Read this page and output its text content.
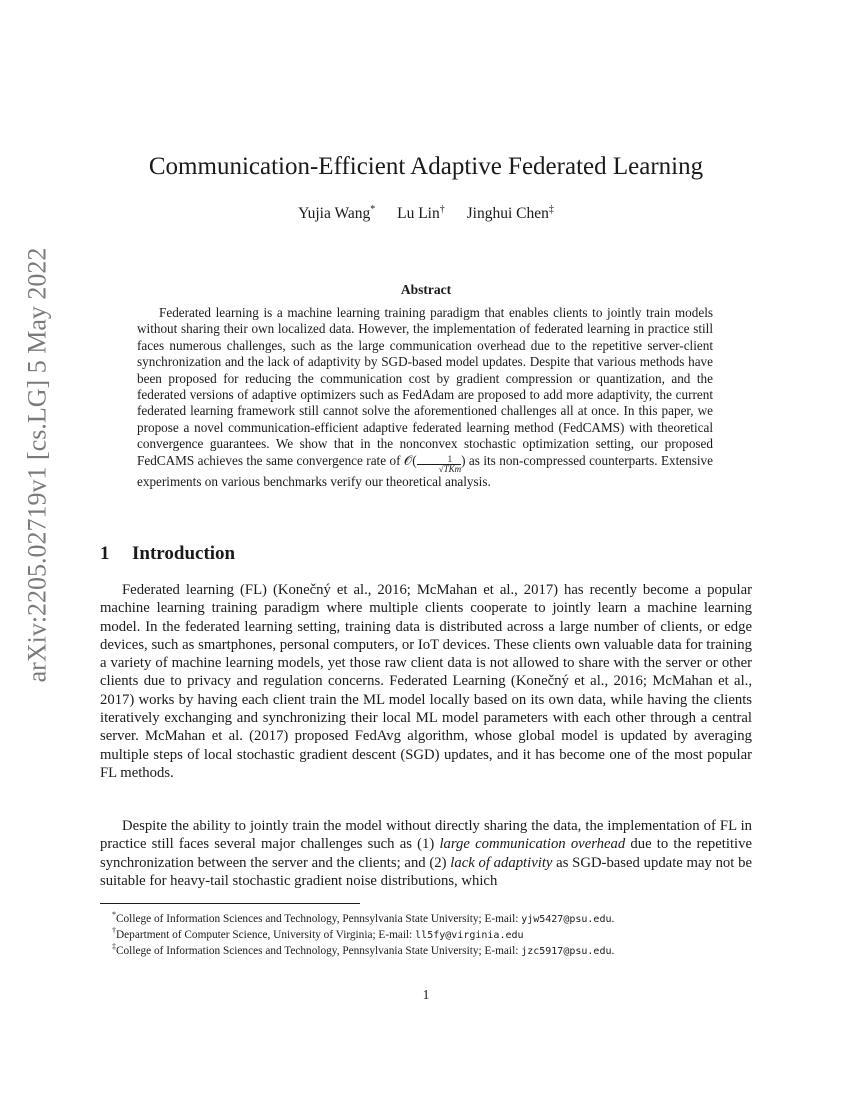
arXiv:2205.02719v1 [cs.LG] 5 May 2022
Communication-Efficient Adaptive Federated Learning
Yujia Wang* Lu Lin† Jinghui Chen‡
Abstract

Federated learning is a machine learning training paradigm that enables clients to jointly train models without sharing their own localized data. However, the implementation of federated learning in practice still faces numerous challenges, such as the large communication overhead due to the repetitive server-client synchronization and the lack of adaptivity by SGD-based model updates. Despite that various methods have been proposed for reducing the communication cost by gradient compression or quantization, and the federated versions of adaptive optimizers such as FedAdam are proposed to add more adaptivity, the current federated learning framework still cannot solve the aforementioned challenges all at once. In this paper, we propose a novel communication-efficient adaptive federated learning method (FedCAMS) with theoretical convergence guarantees. We show that in the nonconvex stochastic optimization setting, our proposed FedCAMS achieves the same convergence rate of 𝒪( $\frac{1}{\text{√TKm}}$ ) as its non-compressed counterparts. Extensive experiments on various benchmarks verify our theoretical analysis.

1 Introduction

Federated learning (FL) (Konečný et al., 2016; McMahan et al., 2017) has recently become a popular machine learning training paradigm where multiple clients cooperate to jointly learn a machine learning model. In the federated learning setting, training data is distributed across a large number of clients, or edge devices, such as smartphones, personal computers, or IoT devices. These clients own valuable data for training a variety of machine learning models, yet those raw client data is not allowed to share with the server or other clients due to privacy and regulation concerns. Federated Learning (Konečný et al., 2016; McMahan et al., 2017) works by having each client train the ML model locally based on its own data, while having the clients iteratively exchanging and synchronizing their local ML model parameters with each other through a central server. McMahan et al. (2017) proposed FedAvg algorithm, whose global model is updated by averaging multiple steps of local stochastic gradient descent (SGD) updates, and it has become one of the most popular FL methods.

Despite the ability to jointly train the model without directly sharing the data, the implementation of FL in practice still faces several major challenges such as (1) large communication overhead due to the repetitive synchronization between the server and the clients; and (2) lack of adaptivity as SGD-based update may not be suitable for heavy-tail stochastic gradient noise distributions, which

*College of Information Sciences and Technology, Pennsylvania State University; E-mail: yjw5427@psu.edu.
†Department of Computer Science, University of Virginia; E-mail: ll5fy@virginia.edu
‡College of Information Sciences and Technology, Pennsylvania State University; E-mail: jzc5917@psu.edu.
1
